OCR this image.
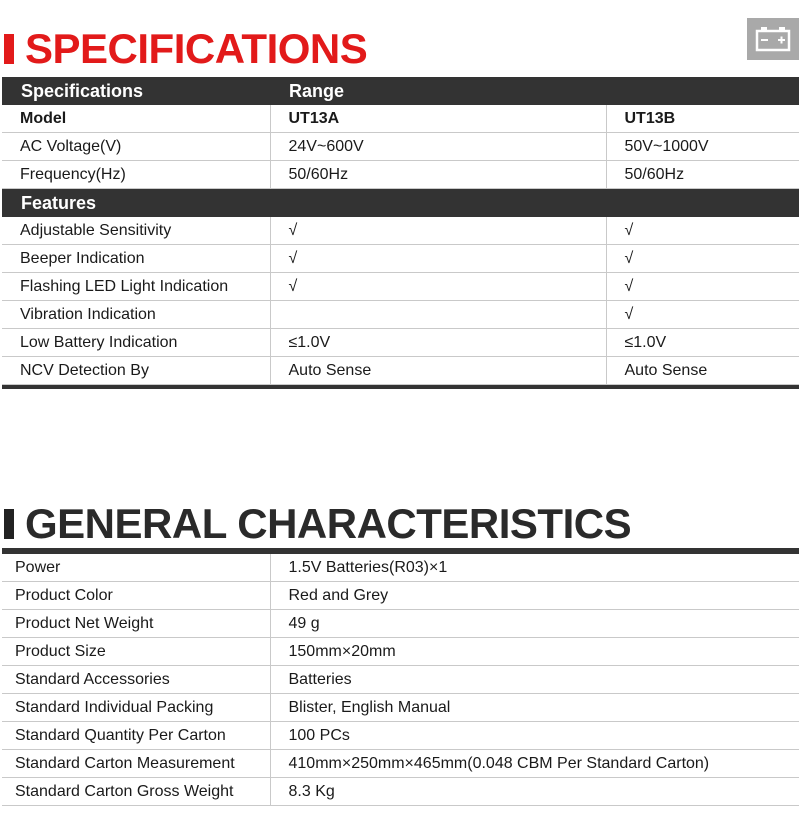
SPECIFICATIONS
Specifications	Range	
Model	UT13A	UT13B
AC Voltage(V)	24V~600V	50V~1000V
Frequency(Hz)	50/60Hz	50/60Hz
Features		
Adjustable Sensitivity	√	√
Beeper Indication	√	√
Flashing LED Light Indication	√	√
Vibration Indication		√
Low Battery Indication	≤1.0V	≤1.0V
NCV Detection By	Auto Sense	Auto Sense

GENERAL CHARACTERISTICS

Power	1.5V Batteries(R03)×1
Product Color	Red and Grey
Product Net Weight	49 g
Product Size	150mm×20mm
Standard Accessories	Batteries
Standard Individual Packing	Blister, English Manual
Standard Quantity Per Carton	100 PCs
Standard Carton Measurement	410mm×250mm×465mm(0.048 CBM Per Standard Carton)
Standard Carton Gross Weight	8.3 Kg
